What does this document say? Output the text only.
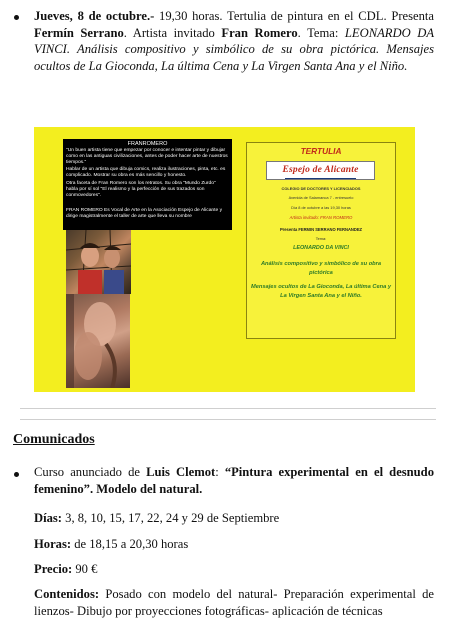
Jueves, 8 de octubre.- 19,30 horas. Tertulia de pintura en el CDL. Presenta Fermín Serrano. Artista invitado Fran Romero. Tema: LEONARDO DA VINCI. Análisis compositivo y simbólico de su obra pictórica. Mensajes ocultos de La Gioconda, La última Cena y La Virgen Santa Ana y el Niño.
FRANROMERO

"Un buen artista tiene que empezar por conocer e intentar pintar y dibujar como en las antiguas civilizaciones, antes de poder hacer arte de nuestros tiempos."

Hablar de un artista que dibuja comics, realiza ilustraciones, pinta, etc. es complicado. Mostrar su obra es más sencillo y honesto.

Otra faceta de Fran Romero son los retratos. Su obra "Mundo Zurdo" habla por sí sol "El realismo y la perfección de sus trazados son conmovedores".

FRAN ROMERO Es Vocal de Arte en la Asociación Espejo de Alicante y dirige magistralmente el taller de arte que lleva su nombre
TERTULIA
Espejo de Alicante
COLEGIO DE DOCTORES Y LICENCIADOS
Avenida de Salamanca 7 - entresuelo
Día 8 de octubre a las 19,30 horas
Artista invitado: FRAN ROMERO
Presenta FERMIN SERRANO FERNANDEZ
Tema:
LEONARDO DA VINCI
Análisis compositivo y simbólico de su obra pictórica
Mensajes ocultos de La Gioconda, La última Cena y La Virgen Santa Ana y el Niño.
Comunicados
Curso anunciado de Luis Clemot: “Pintura experimental en el desnudo femenino”. Modelo del natural.
Días: 3, 8, 10, 15, 17, 22, 24 y 29 de Septiembre
Horas: de 18,15 a 20,30 horas
Precio: 90 €
Contenidos: Posado con modelo del natural- Preparación experimental de lienzos- Dibujo por proyecciones fotográficas- aplicación de técnicas
